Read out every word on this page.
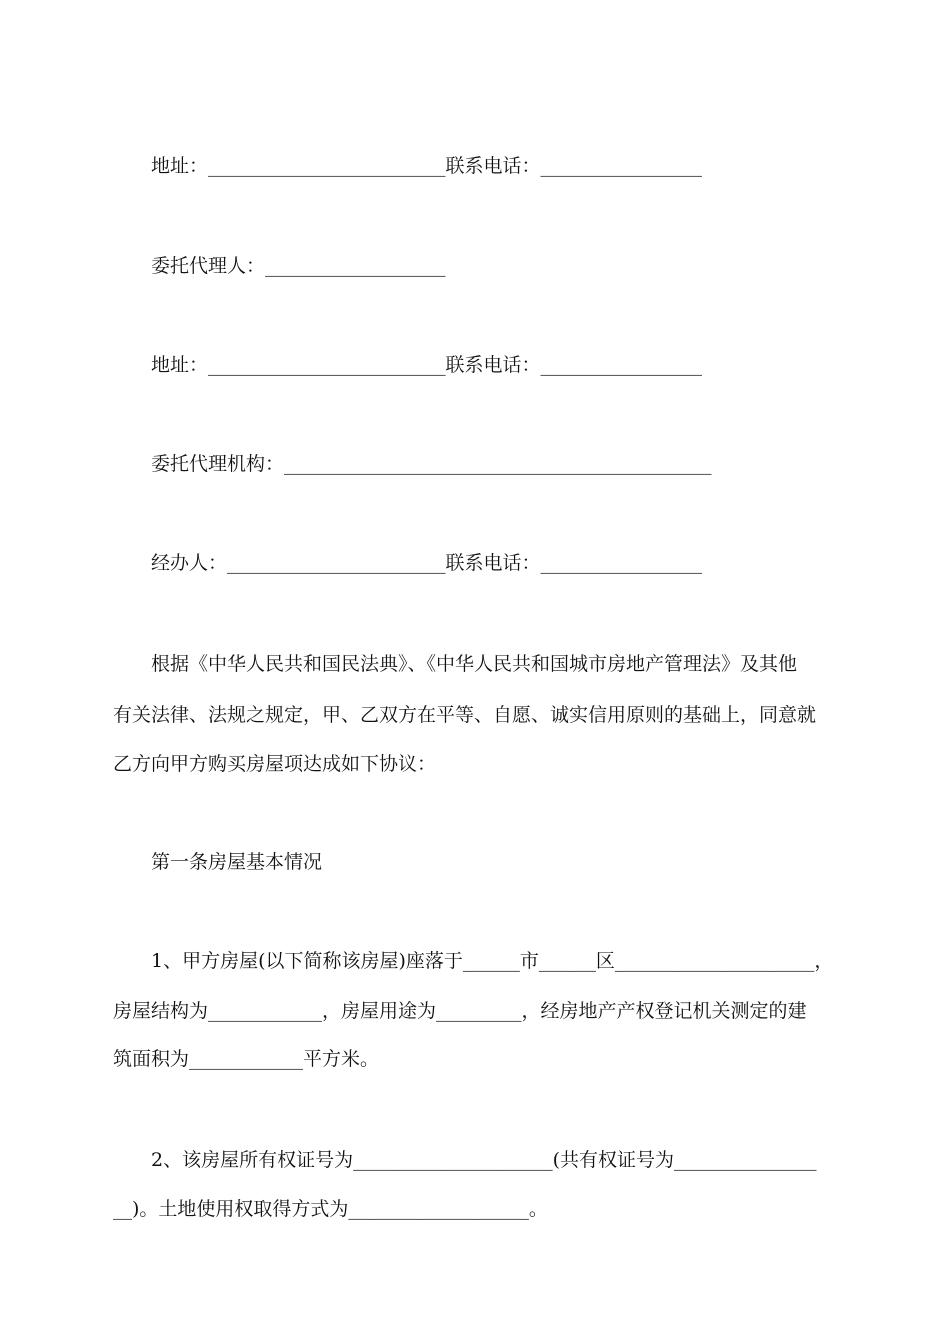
地址：_________________________联系电话：_________________
委托代理人：___________________
地址：_________________________联系电话：_________________
委托代理机构：_____________________________________________
经办人：_______________________联系电话：_________________
根据《中华人民共和国民法典》、《中华人民共和国城市房地产管理法》及其他
有关法律、法规之规定，甲、乙双方在平等、自愿、诚实信用原则的基础上，同意就
乙方向甲方购买房屋项达成如下协议：
第一条房屋基本情况
1、甲方房屋(以下简称该房屋)座落于______市______区_____________________，
房屋结构为____________，房屋用途为_________，经房地产产权登记机关测定的建
筑面积为____________平方米。
2、该房屋所有权证号为_____________________(共有权证号为_______________
__)。土地使用权取得方式为___________________。
